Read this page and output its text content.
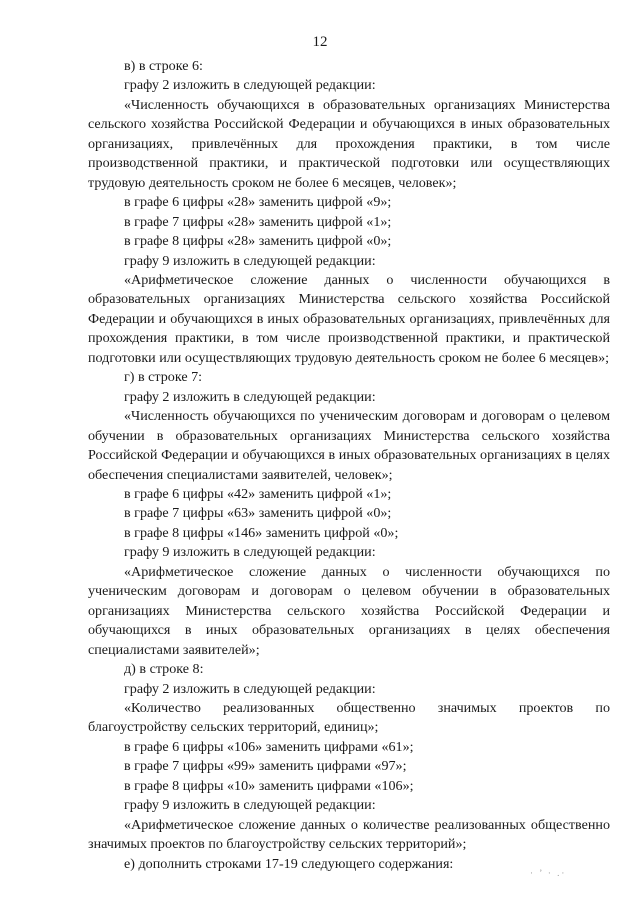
12

в) в строке 6:

графу 2 изложить в следующей редакции:

«Численность обучающихся в образовательных организациях Министерства сельского хозяйства Российской Федерации и обучающихся в иных образовательных организациях, привлечённых для прохождения практики, в том числе производственной практики, и практической подготовки или осуществляющих трудовую деятельность сроком не более 6 месяцев, человек»;

в графе 6 цифры «28» заменить цифрой «9»;

в графе 7 цифры «28» заменить цифрой «1»;

в графе 8 цифры «28» заменить цифрой «0»;

графу 9 изложить в следующей редакции:

«Арифметическое сложение данных о численности обучающихся в образовательных организациях Министерства сельского хозяйства Российской Федерации и обучающихся в иных образовательных организациях, привлечённых для прохождения практики, в том числе производственной практики, и практической подготовки или осуществляющих трудовую деятельность сроком не более 6 месяцев»;

г) в строке 7:

графу 2 изложить в следующей редакции:

«Численность обучающихся по ученическим договорам и договорам о целевом обучении в образовательных организациях Министерства сельского хозяйства Российской Федерации и обучающихся в иных образовательных организациях в целях обеспечения специалистами заявителей, человек»;

в графе 6 цифры «42» заменить цифрой «1»;

в графе 7 цифры «63» заменить цифрой «0»;

в графе 8 цифры «146» заменить цифрой «0»;

графу 9 изложить в следующей редакции:

«Арифметическое сложение данных о численности обучающихся по ученическим договорам и договорам о целевом обучении в образовательных организациях Министерства сельского хозяйства Российской Федерации и обучающихся в иных образовательных организациях в целях обеспечения специалистами заявителей»;

д) в строке 8:

графу 2 изложить в следующей редакции:

«Количество реализованных общественно значимых проектов по благоустройству сельских территорий, единиц»;

в графе 6 цифры «106» заменить цифрами «61»;

в графе 7 цифры «99» заменить цифрами «97»;

в графе 8 цифры «10» заменить цифрами «106»;

графу 9 изложить в следующей редакции:

«Арифметическое сложение данных о количестве реализованных общественно значимых проектов по благоустройству сельских территорий»;

е) дополнить строками 17-19 следующего содержания:

· ’ · .·
